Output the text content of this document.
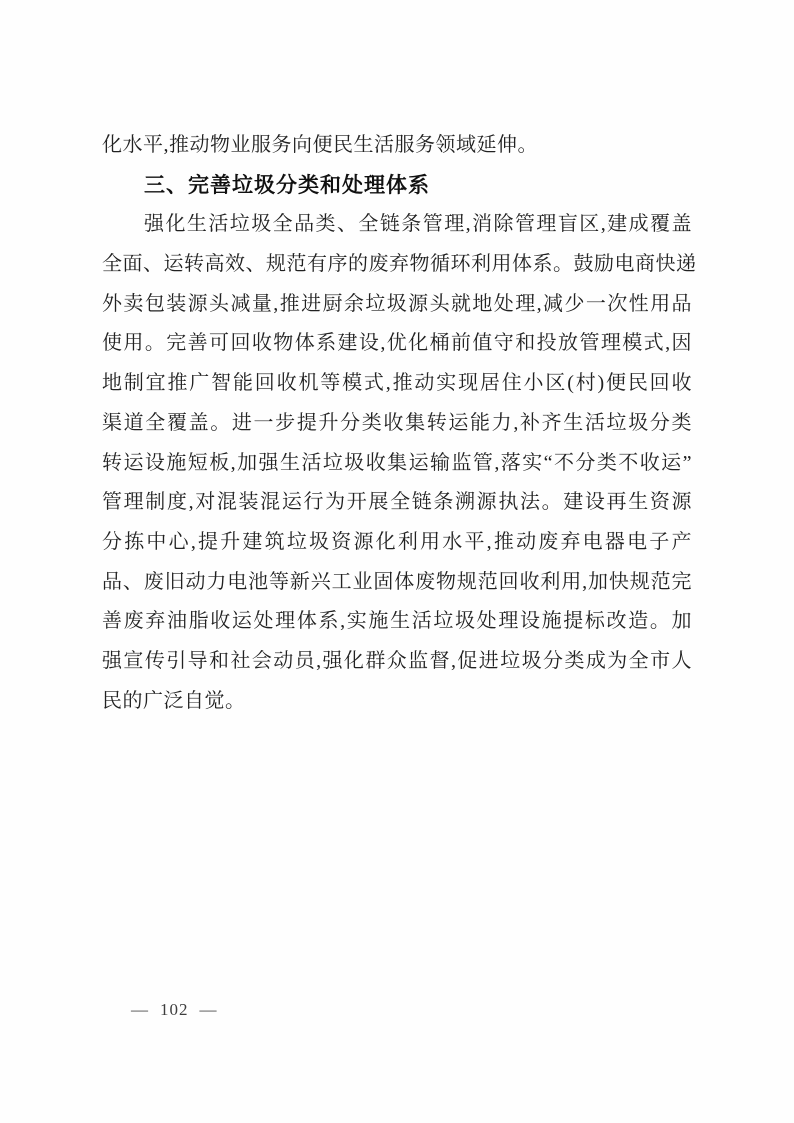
化水平,推动物业服务向便民生活服务领域延伸。
三、完善垃圾分类和处理体系
强化生活垃圾全品类、全链条管理,消除管理盲区,建成覆盖
全面、运转高效、规范有序的废弃物循环利用体系。鼓励电商快递
外卖包装源头减量,推进厨余垃圾源头就地处理,减少一次性用品
使用。完善可回收物体系建设,优化桶前值守和投放管理模式,因
地制宜推广智能回收机等模式,推动实现居住小区(村)便民回收
渠道全覆盖。进一步提升分类收集转运能力,补齐生活垃圾分类
转运设施短板,加强生活垃圾收集运输监管,落实“不分类不收运”
管理制度,对混装混运行为开展全链条溯源执法。建设再生资源
分拣中心,提升建筑垃圾资源化利用水平,推动废弃电器电子产
品、废旧动力电池等新兴工业固体废物规范回收利用,加快规范完
善废弃油脂收运处理体系,实施生活垃圾处理设施提标改造。加
强宣传引导和社会动员,强化群众监督,促进垃圾分类成为全市人
民的广泛自觉。
— 102 —
